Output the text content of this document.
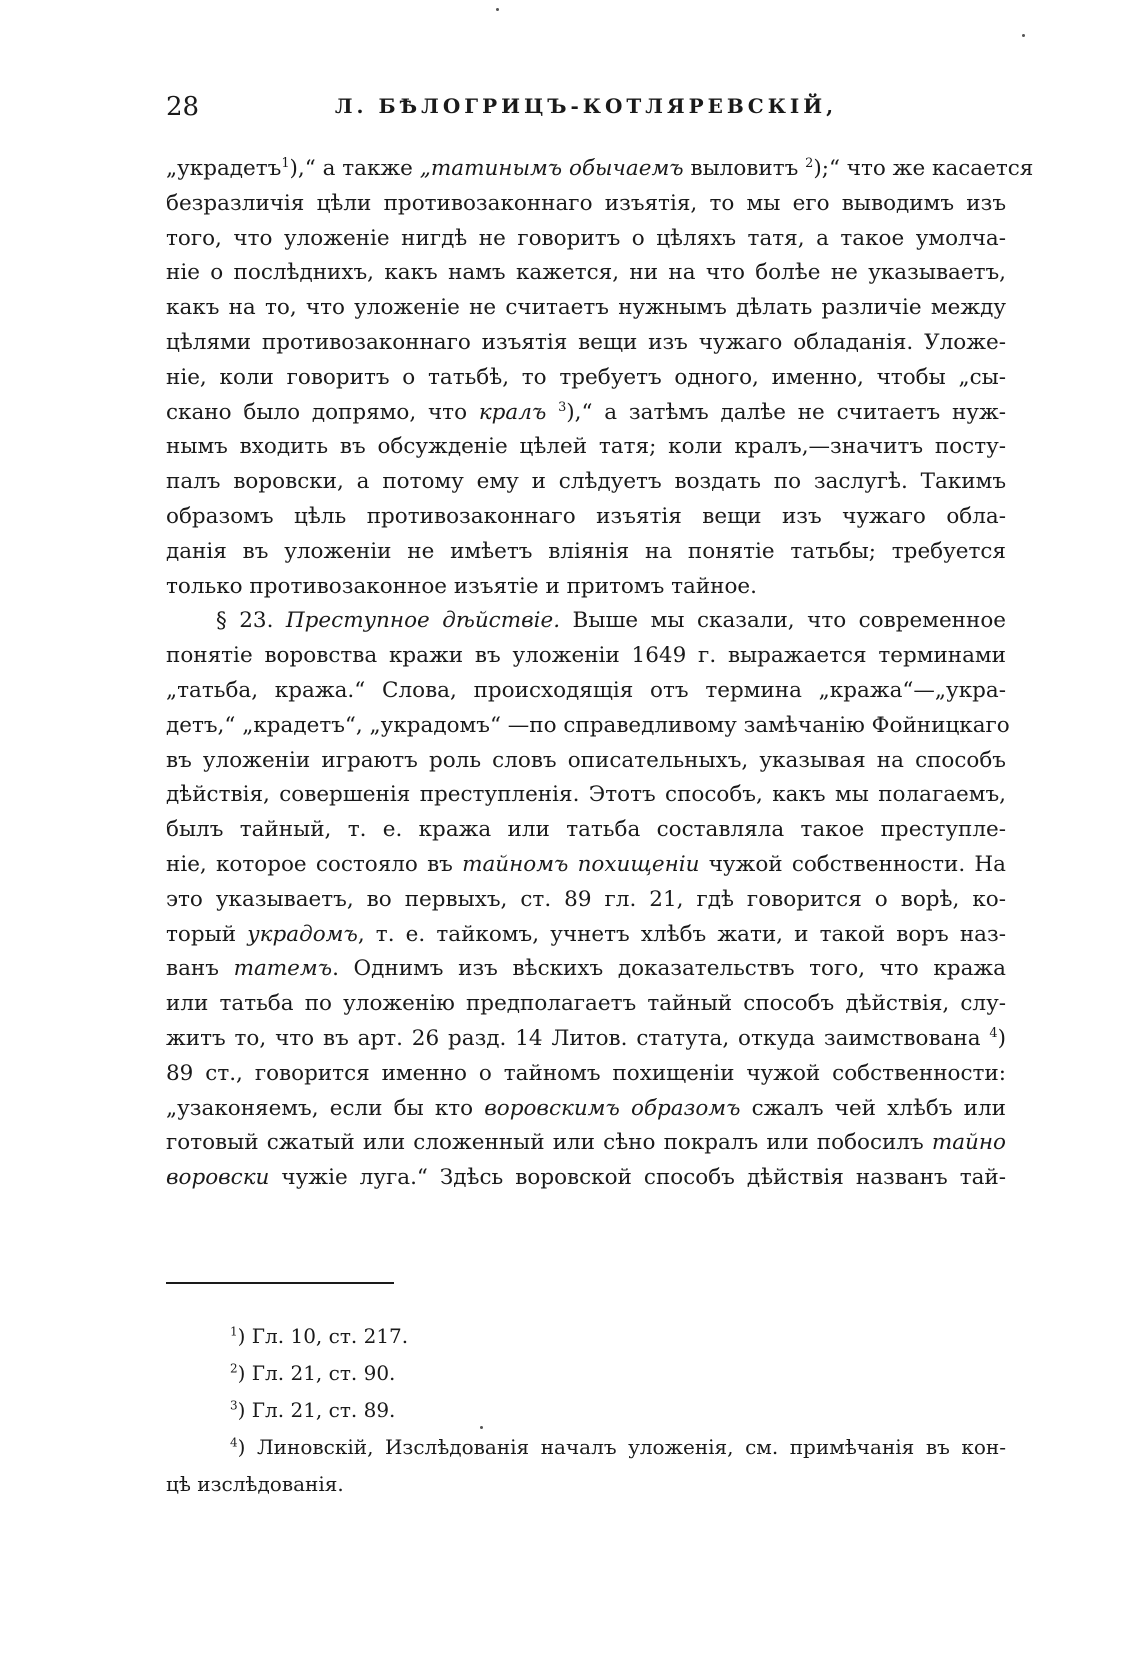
28	Л. БѢЛОГРИЦЪ-КОТЛЯРЕВСКІЙ,
„украдетъ$^1$),“ а также „татинымъ обычаемъ выловитъ $^2$);“ что же касается
безразличія цѣли противозаконнаго изъятія, то мы его выводимъ изъ
того, что уложеніе нигдѣ не говоритъ о цѣляхъ татя, а такое умолча-
ніе о послѣднихъ, какъ намъ кажется, ни на что болѣе не указываетъ,
какъ на то, что уложеніе не считаетъ нужнымъ дѣлать различіе между
цѣлями противозаконнаго изъятія вещи изъ чужаго обладанія. Уложе-
ніе, коли говоритъ о татьбѣ, то требуетъ одного, именно, чтобы „сы-
скано было допрямо, что кралъ $^3$),“ а затѣмъ далѣе не считаетъ нуж-
нымъ входить въ обсужденіе цѣлей татя; коли кралъ,—значитъ посту-
палъ воровски, а потому ему и слѣдуетъ воздать по заслугѣ. Такимъ
образомъ цѣль противозаконнаго изъятія вещи изъ чужаго обла-
данія въ уложеніи не имѣетъ вліянія на понятіе татьбы; требуется
только противозаконное изъятіе и притомъ тайное.
§ 23. Преступное дѣйствіе. Выше мы сказали, что современное
понятіе воровства кражи въ уложеніи 1649 г. выражается терминами
„татьба, кража.“ Слова, происходящія отъ термина „кража“—„укра-
детъ,“ „крадетъ“, „украдомъ“ —по справедливому замѣчанію Фойницкаго
въ уложеніи играютъ роль словъ описательныхъ, указывая на способъ
дѣйствія, совершенія преступленія. Этотъ способъ, какъ мы полагаемъ,
былъ тайный, т. е. кража или татьба составляла такое преступле-
ніе, которое состояло въ тайномъ похищеніи чужой собственности. На
это указываетъ, во первыхъ, ст. 89 гл. 21, гдѣ говорится о ворѣ, ко-
торый украдомъ, т. е. тайкомъ, учнетъ хлѣбъ жати, и такой воръ наз-
ванъ татемъ. Однимъ изъ вѣскихъ доказательствъ того, что кража
или татьба по уложенію предполагаетъ тайный способъ дѣйствія, слу-
житъ то, что въ арт. 26 разд. 14 Литов. статута, откуда заимствована $^4$)
89 ст., говорится именно о тайномъ похищеніи чужой собственности:
„узаконяемъ, если бы кто воровскимъ образомъ сжалъ чей хлѣбъ или
готовый сжатый или сложенный или сѣно покралъ или побосилъ тайно
воровски чужіе луга.“ Здѣсь воровской способъ дѣйствія названъ тай-
$^1$) Гл. 10, ст. 217.
$^2$) Гл. 21, ст. 90.
$^3$) Гл. 21, ст. 89.
$^4$) Линовскій, Изслѣдованія началъ уложенія, см. примѣчанія въ кон-
цѣ изслѣдованія.
